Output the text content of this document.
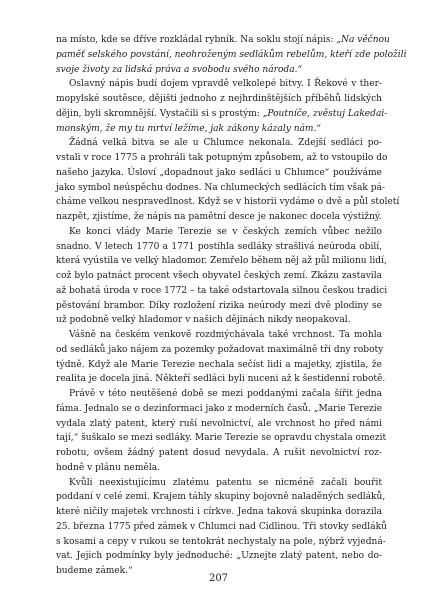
na místo, kde se dříve rozkládal rybník. Na soklu stojí nápis: „Na věčnou
paměť selského povstání, neohroženým sedlákům rebelům, kteří zde položili
svoje životy za lidská práva a svobodu svého národa.“
Oslavný nápis budí dojem vpravdě velkolepé bitvy. I Řekové v ther-
mopylské soutěsce, dějišti jednoho z nejhrdinštějších příběhů lidských
dějin, byli skromnější. Vystačili si s prostým: „Poutníče, zvěstuj Lakedai-
monským, že my tu mrtví ležíme, jak zákony kázaly nám.“
Žádná velká bitva se ale u Chlumce nekonala. Zdejší sedláci po-
vstali v roce 1775 a prohráli tak potupným způsobem, až to vstoupilo do
našeho jazyka. Úsloví „dopadnout jako sedláci u Chlumce“ používáme
jako symbol neúspěchu dodnes. Na chlumeckých sedlácích tím však pá-
cháme velkou nespravedlnost. Když se v historii vydáme o dvě a půl století
nazpět, zjistíme, že nápis na pamětní desce je nakonec docela výstižný.
Ke konci vlády Marie Terezie se v českých zemích vůbec nežilo
snadno. V letech 1770 a 1771 postihla sedláky strašlivá neúroda obilí,
která vyústila ve velký hladomor. Zemřelo během něj až půl milionu lidí,
což bylo patnáct procent všech obyvatel českých zemí. Zkázu zastavila
až bohatá úroda v roce 1772 – ta také odstartovala silnou českou tradici
pěstování brambor. Díky rozložení rizika neúrody mezi dvě plodiny se
už podobně velký hladomor v našich dějinách nikdy neopakoval.
Vášně na českém venkově rozdmýchávala také vrchnost. Ta mohla
od sedláků jako nájem za pozemky požadovat maximálně tři dny roboty
týdně. Když ale Marie Terezie nechala sečíst lidi a majetky, zjistila, že
realita je docela jiná. Někteří sedláci byli nuceni až k šestidenní robotě.
Právě v této neutěšené době se mezi poddanými začala šířit jedna
fáma. Jednalo se o dezinformaci jako z moderních časů. „Marie Terezie
vydala zlatý patent, který ruší nevolnictví, ale vrchnost ho před námi
tají,“ šuškalo se mezi sedláky. Marie Terezie se opravdu chystala omezit
robotu, ovšem žádný patent dosud nevydala. A rušit nevolnictví roz-
hodně v plánu neměla.
Kvůli neexistujícímu zlatému patentu se nicméně začali bouřit
poddaní v celé zemi. Krajem táhly skupiny bojovně naladěných sedláků,
které ničily majetek vrchnosti i církve. Jedna taková skupinka dorazila
25. března 1775 před zámek v Chlumci nad Cidlinou. Tři stovky sedláků
s kosami a cepy v rukou se tentokrát nechystaly na pole, nýbrž vyjedná-
vat. Jejich podmínky byly jednoduché: „Uznejte zlatý patent, nebo do-
budeme zámek.“
207
